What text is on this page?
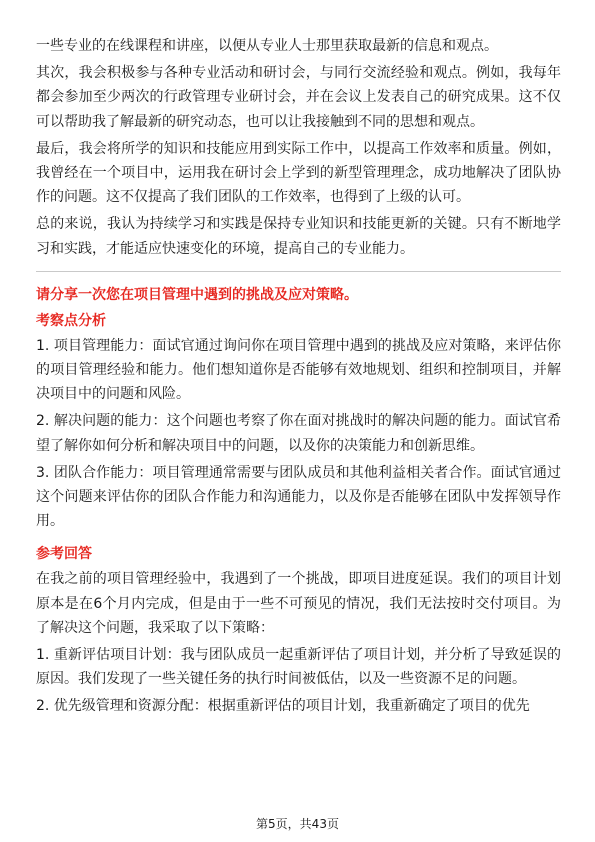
一些专业的在线课程和讲座，以便从专业人士那里获取最新的信息和观点。

其次，我会积极参与各种专业活动和研讨会，与同行交流经验和观点。例如，我每年都会参加至少两次的行政管理专业研讨会，并在会议上发表自己的研究成果。这不仅可以帮助我了解最新的研究动态，也可以让我接触到不同的思想和观点。

最后，我会将所学的知识和技能应用到实际工作中，以提高工作效率和质量。例如，我曾经在一个项目中，运用我在研讨会上学到的新型管理理念，成功地解决了团队协作的问题。这不仅提高了我们团队的工作效率，也得到了上级的认可。

总的来说，我认为持续学习和实践是保持专业知识和技能更新的关键。只有不断地学习和实践，才能适应快速变化的环境，提高自己的专业能力。

请分享一次您在项目管理中遇到的挑战及应对策略。

考察点分析

1. 项目管理能力：面试官通过询问你在项目管理中遇到的挑战及应对策略，来评估你的项目管理经验和能力。他们想知道你是否能够有效地规划、组织和控制项目，并解决项目中的问题和风险。

2. 解决问题的能力：这个问题也考察了你在面对挑战时的解决问题的能力。面试官希望了解你如何分析和解决项目中的问题，以及你的决策能力和创新思维。

3. 团队合作能力：项目管理通常需要与团队成员和其他利益相关者合作。面试官通过这个问题来评估你的团队合作能力和沟通能力，以及你是否能够在团队中发挥领导作用。

参考回答

在我之前的项目管理经验中，我遇到了一个挑战，即项目进度延误。我们的项目计划原本是在6个月内完成，但是由于一些不可预见的情况，我们无法按时交付项目。为了解决这个问题，我采取了以下策略：

1. 重新评估项目计划：我与团队成员一起重新评估了项目计划，并分析了导致延误的原因。我们发现了一些关键任务的执行时间被低估，以及一些资源不足的问题。

2. 优先级管理和资源分配：根据重新评估的项目计划，我重新确定了项目的优先

第5页，共43页
